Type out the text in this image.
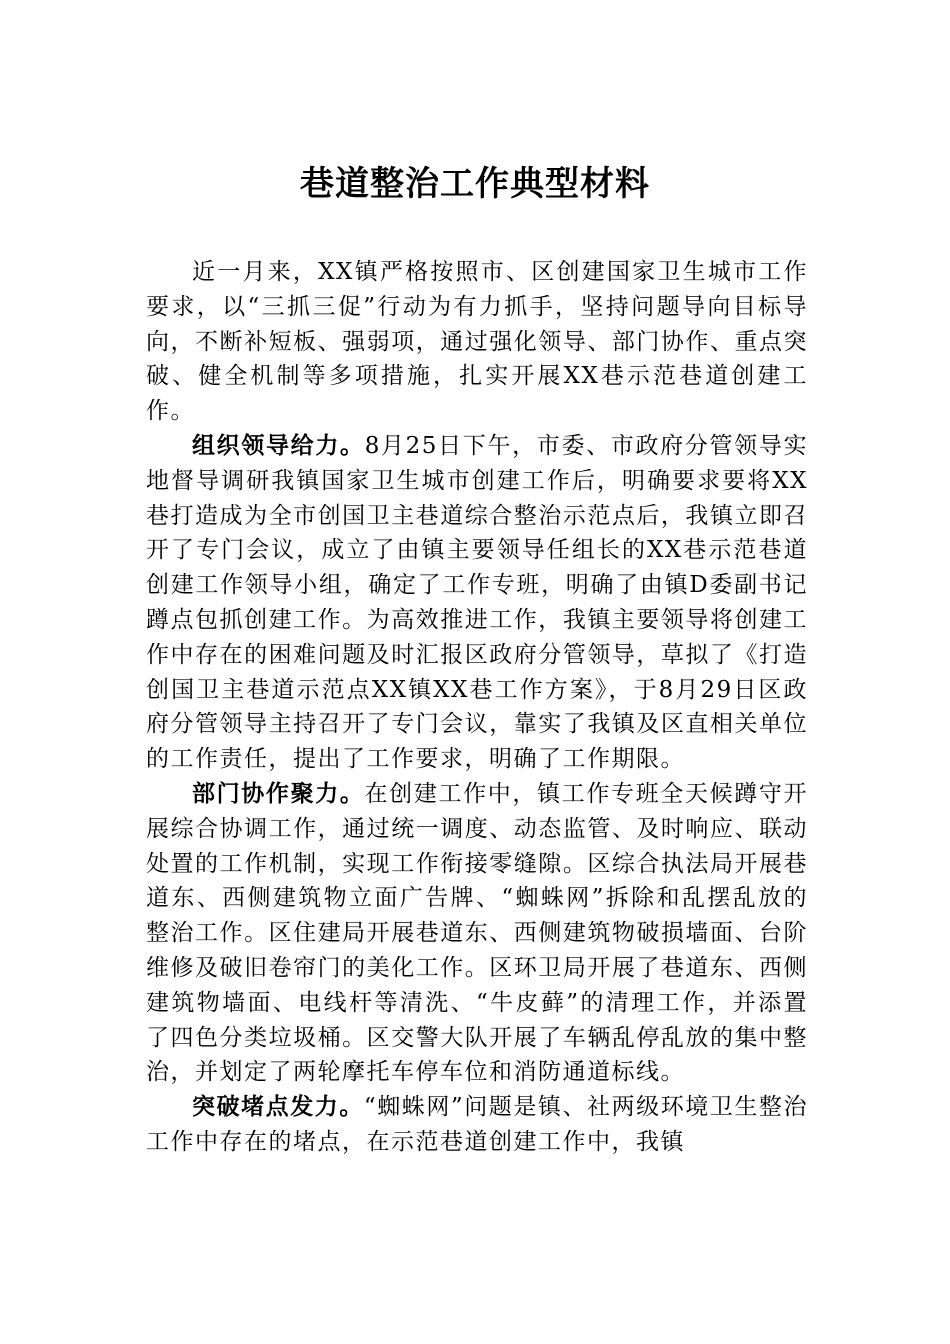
巷道整治工作典型材料

近一月来，XX镇严格按照市、区创建国家卫生城市工作要求，以“三抓三促”行动为有力抓手，坚持问题导向目标导向，不断补短板、强弱项，通过强化领导、部门协作、重点突破、健全机制等多项措施，扎实开展XX巷示范巷道创建工作。

组织领导给力。8月25日下午，市委、市政府分管领导实地督导调研我镇国家卫生城市创建工作后，明确要求要将XX巷打造成为全市创国卫主巷道综合整治示范点后，我镇立即召开了专门会议，成立了由镇主要领导任组长的XX巷示范巷道创建工作领导小组，确定了工作专班，明确了由镇D委副书记蹲点包抓创建工作。为高效推进工作，我镇主要领导将创建工作中存在的困难问题及时汇报区政府分管领导，草拟了《打造创国卫主巷道示范点XX镇XX巷工作方案》，于8月29日区政府分管领导主持召开了专门会议，靠实了我镇及区直相关单位的工作责任，提出了工作要求，明确了工作期限。

部门协作聚力。在创建工作中，镇工作专班全天候蹲守开展综合协调工作，通过统一调度、动态监管、及时响应、联动处置的工作机制，实现工作衔接零缝隙。区综合执法局开展巷道东、西侧建筑物立面广告牌、“蜘蛛网”拆除和乱摆乱放的整治工作。区住建局开展巷道东、西侧建筑物破损墙面、台阶维修及破旧卷帘门的美化工作。区环卫局开展了巷道东、西侧建筑物墙面、电线杆等清洗、“牛皮藓”的清理工作，并添置了四色分类垃圾桶。区交警大队开展了车辆乱停乱放的集中整治，并划定了两轮摩托车停车位和消防通道标线。

突破堵点发力。“蜘蛛网”问题是镇、社两级环境卫生整治工作中存在的堵点，在示范巷道创建工作中，我镇
